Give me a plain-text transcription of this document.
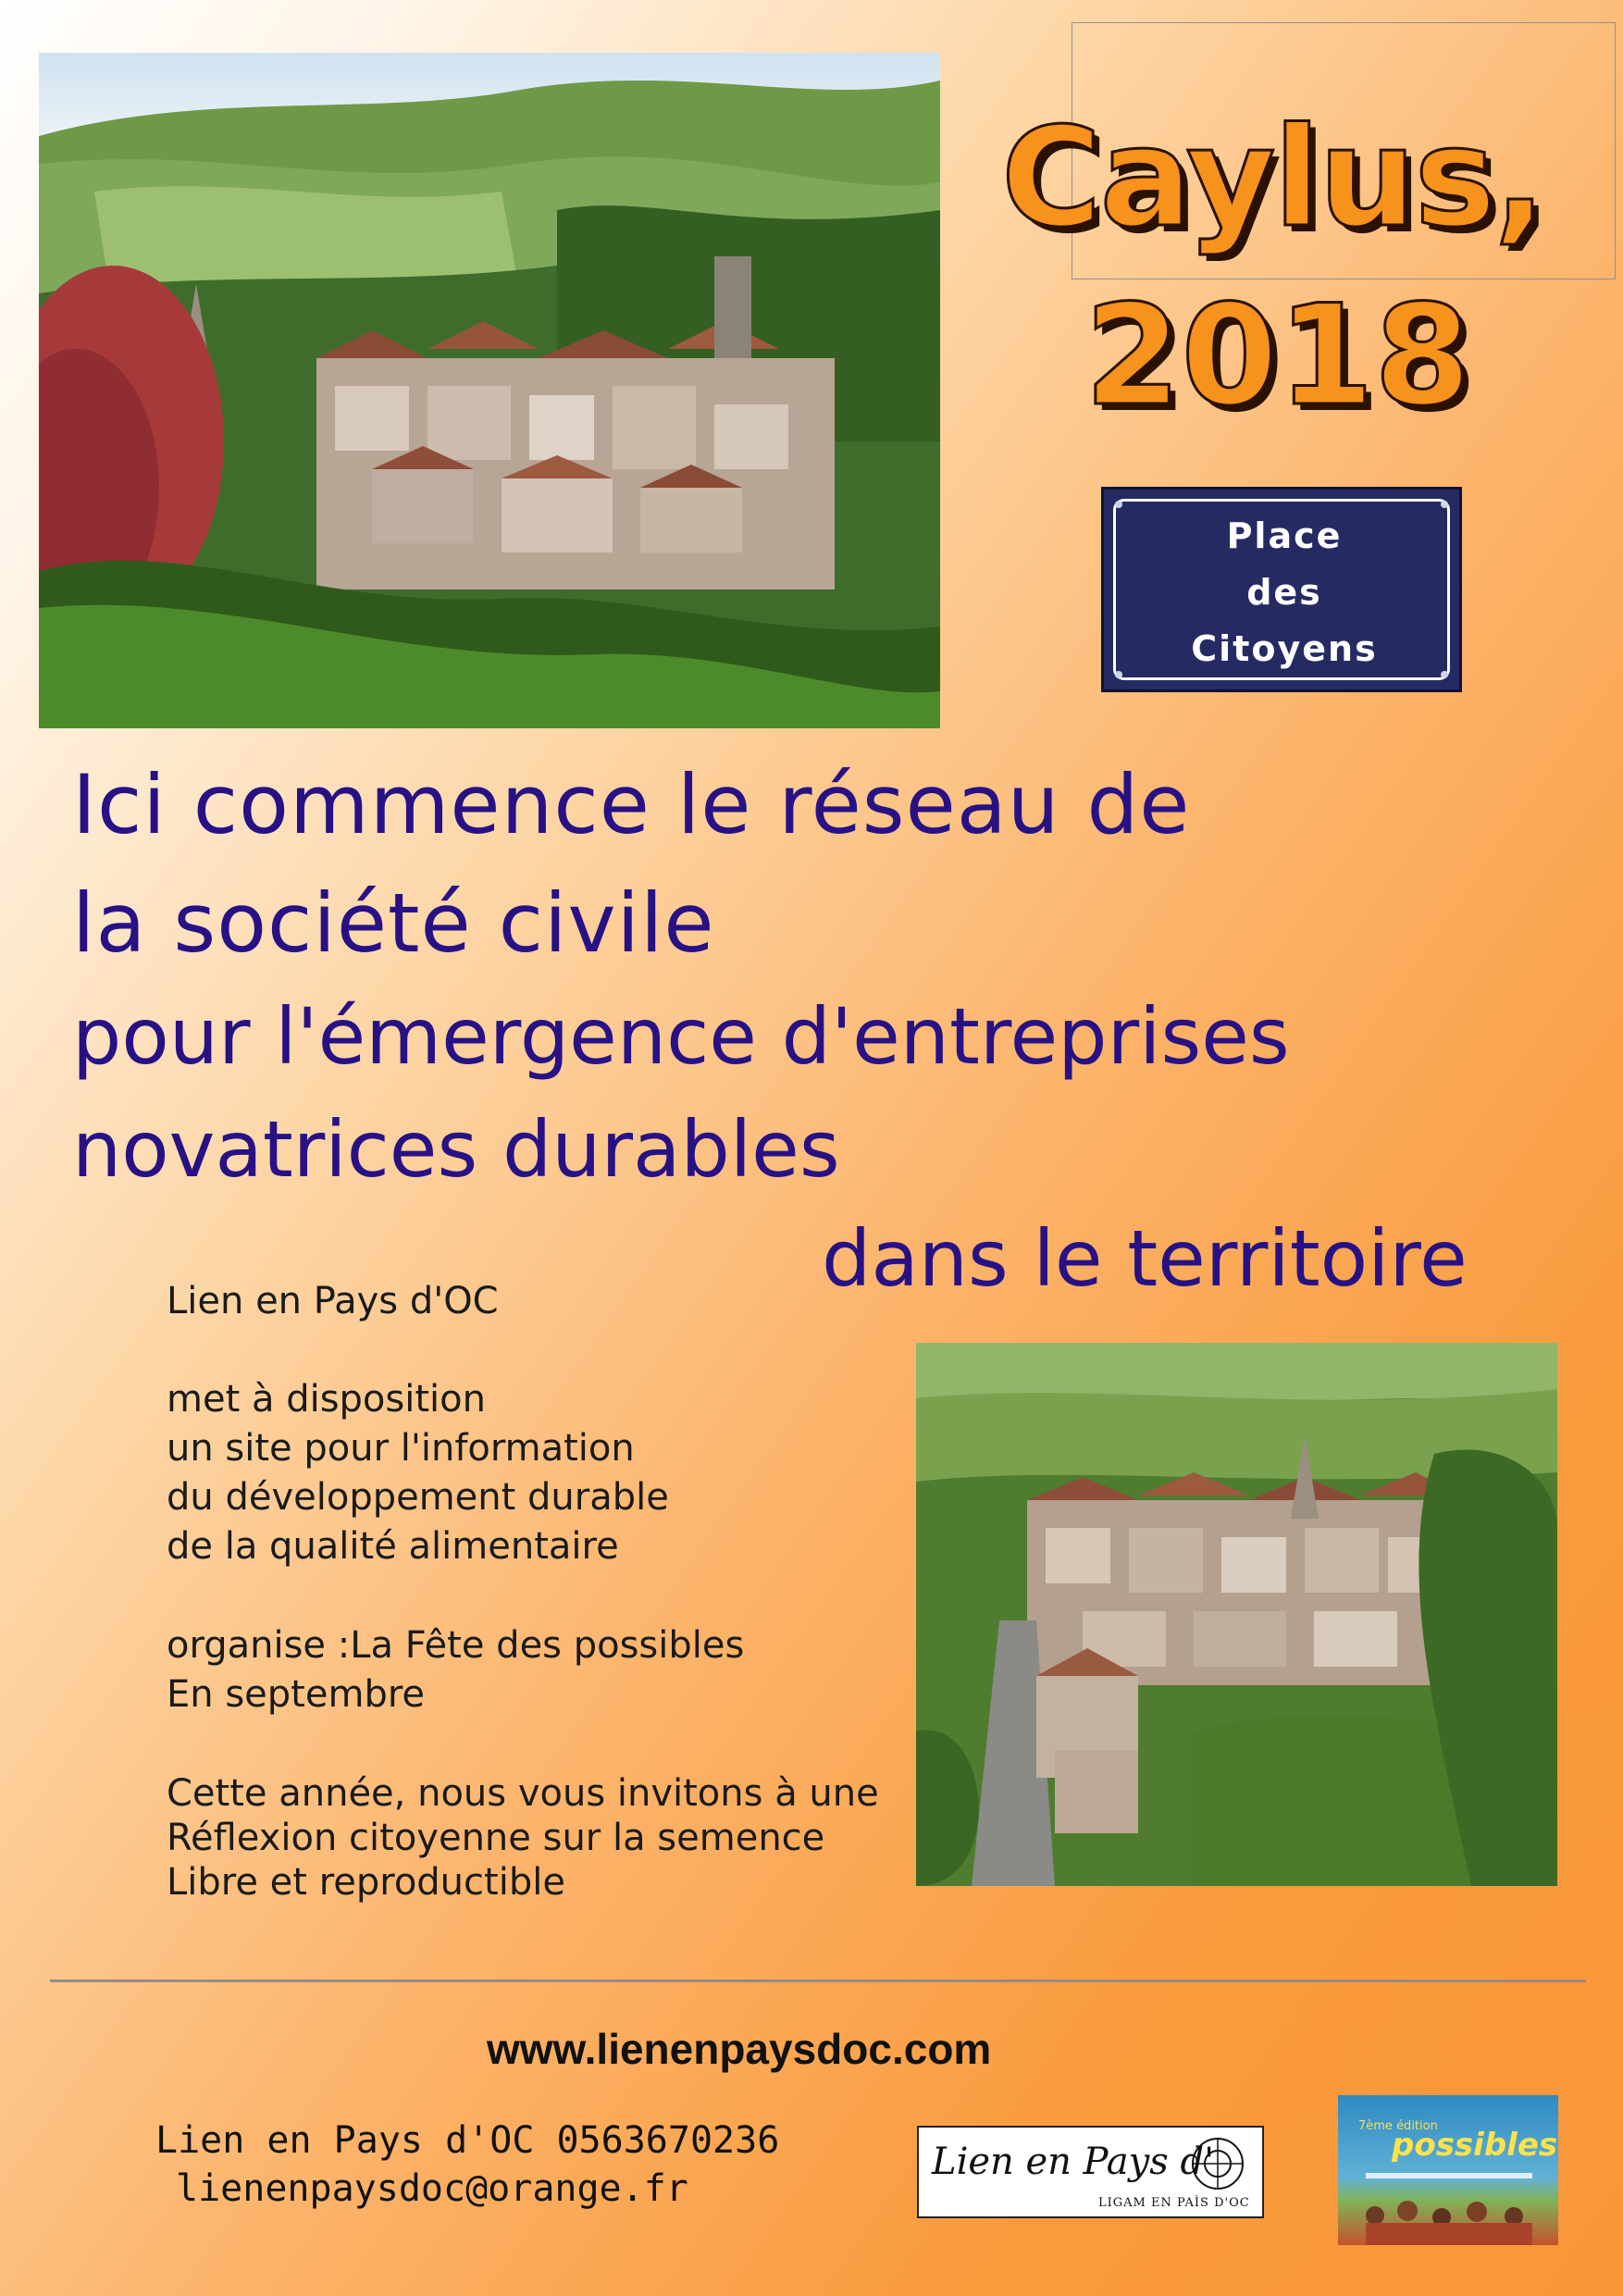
Caylus,
2018
Place
des
Citoyens
Ici commence le réseau de
la société civile
pour l'émergence d'entreprises
novatrices durables
dans le territoire
Lien en Pays d'OC
met à disposition
un site pour l'information
du développement durable
de la qualité alimentaire
organise :La Fête des possibles
En septembre
Cette année, nous vous invitons à une
Réflexion citoyenne sur la semence
Libre et reproductible
www.lienenpaysdoc.com
Lien en Pays d'OC 0563670236
lienenpaysdoc@orange.fr
Lien en Pays d'
LIGAM EN PAÌS D'OC
7ème édition
possibles
